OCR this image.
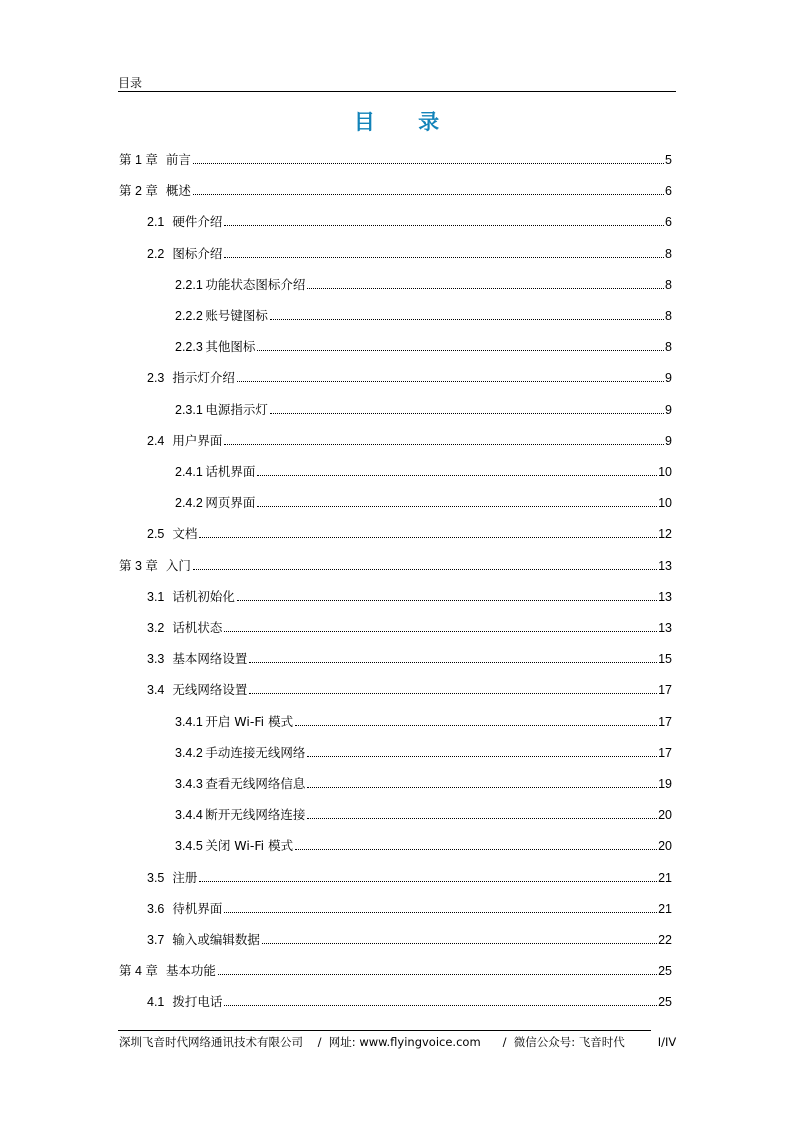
目录
目 录
第 1 章 前言	5
第 2 章 概述	6
2.1 硬件介绍	6
2.2 图标介绍	8
2.2.1  功能状态图标介绍	8
2.2.2  账号键图标	8
2.2.3  其他图标	8
2.3 指示灯介绍	9
2.3.1  电源指示灯	9
2.4 用户界面	9
2.4.1  话机界面	10
2.4.2  网页界面	10
2.5 文档	12
第 3 章 入门	13
3.1 话机初始化	13
3.2 话机状态	13
3.3 基本网络设置	15
3.4 无线网络设置	17
3.4.1  开启 Wi-Fi 模式	17
3.4.2  手动连接无线网络	17
3.4.3  查看无线网络信息	19
3.4.4  断开无线网络连接	20
3.4.5  关闭 Wi-Fi 模式	20
3.5 注册	21
3.6 待机界面	21
3.7 输入或编辑数据	22
第 4 章 基本功能	25
4.1 拨打电话	25
深圳飞音时代网络通讯技术有限公司 /  网址: www.flyingvoice.com /  微信公众号: 飞音时代	I/IV
